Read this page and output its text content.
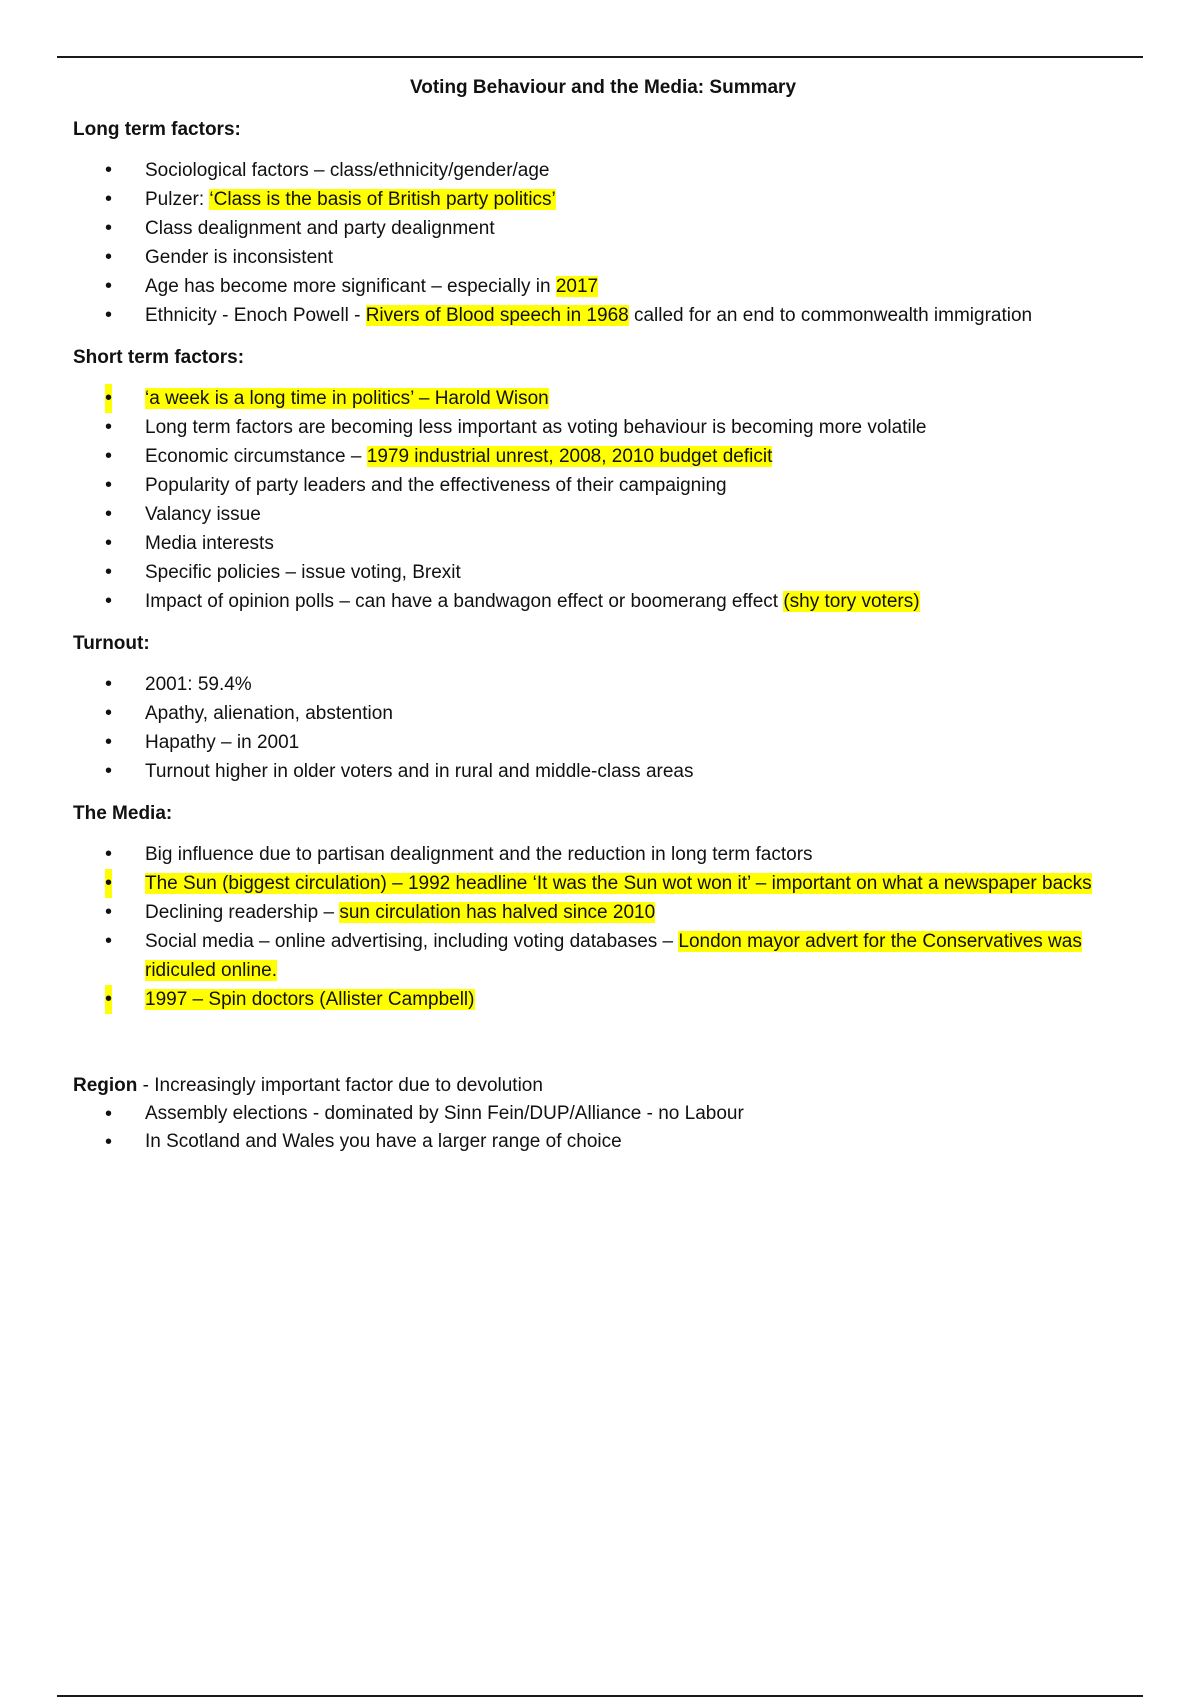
Voting Behaviour and the Media: Summary
Long term factors:
• Sociological factors – class/ethnicity/gender/age
• Pulzer: ‘Class is the basis of British party politics’
• Class dealignment and party dealignment
• Gender is inconsistent
• Age has become more significant – especially in 2017
• Ethnicity - Enoch Powell - Rivers of Blood speech in 1968 called for an end to commonwealth immigration
Short term factors:
• ‘a week is a long time in politics’ – Harold Wison
• Long term factors are becoming less important as voting behaviour is becoming more volatile
• Economic circumstance – 1979 industrial unrest, 2008, 2010 budget deficit
• Popularity of party leaders and the effectiveness of their campaigning
• Valancy issue
• Media interests
• Specific policies – issue voting, Brexit
• Impact of opinion polls – can have a bandwagon effect or boomerang effect (shy tory voters)
Turnout:
• 2001: 59.4%
• Apathy, alienation, abstention
• Hapathy – in 2001
• Turnout higher in older voters and in rural and middle-class areas
The Media:
• Big influence due to partisan dealignment and the reduction in long term factors
• The Sun (biggest circulation) – 1992 headline ‘It was the Sun wot won it’ – important on what a newspaper backs
• Declining readership – sun circulation has halved since 2010
• Social media – online advertising, including voting databases – London mayor advert for the Conservatives was ridiculed online.
• 1997 – Spin doctors (Allister Campbell)
Region - Increasingly important factor due to devolution
• Assembly elections - dominated by Sinn Fein/DUP/Alliance - no Labour
• In Scotland and Wales you have a larger range of choice
